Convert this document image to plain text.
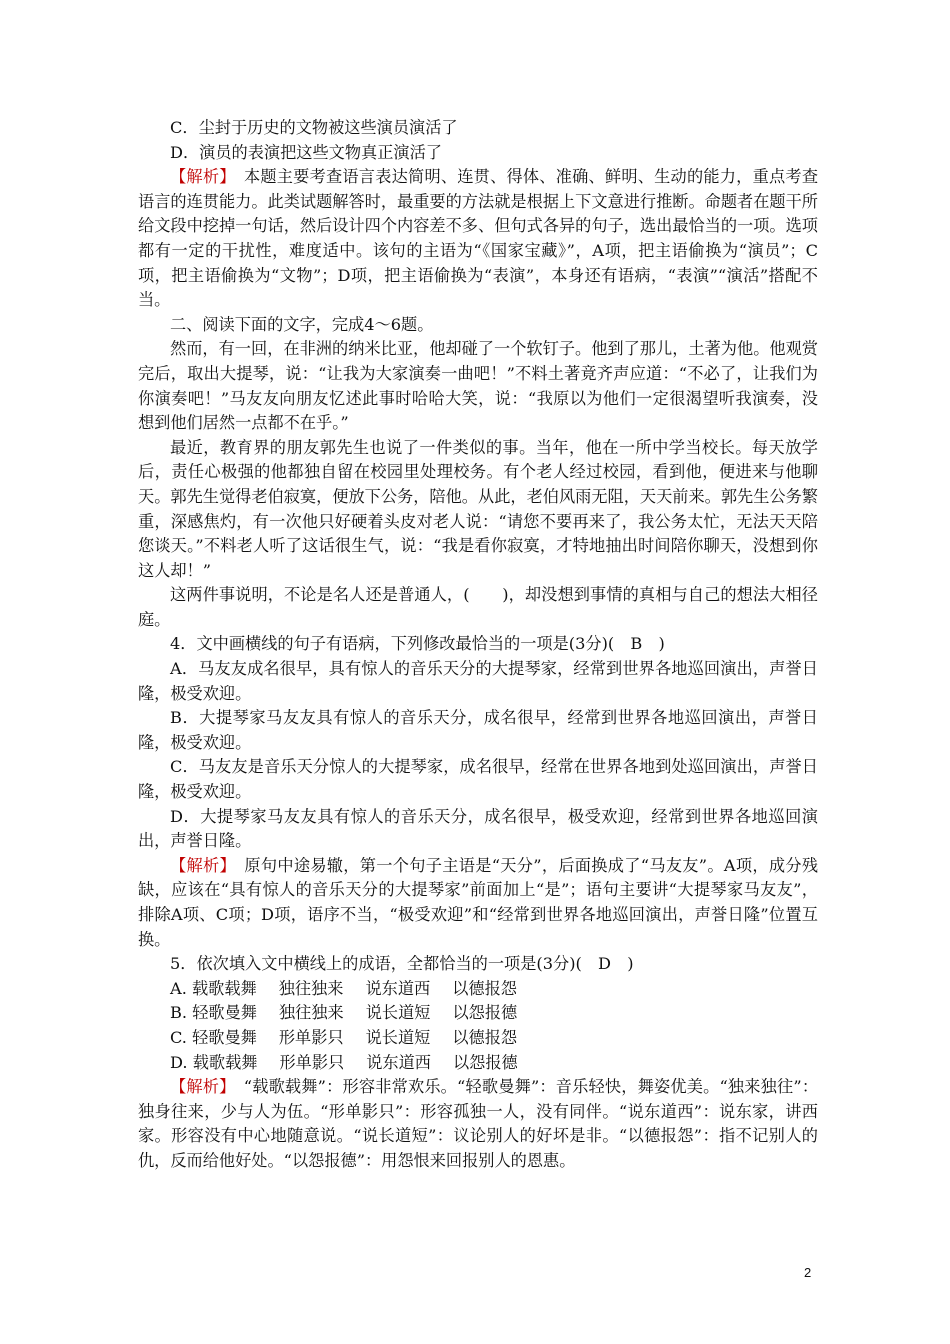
C．尘封于历史的文物被这些演员演活了

D．演员的表演把这些文物真正演活了

【解析】　 本题主要考查语言表达简明、连贯、得体、准确、鲜明、生动的能力，重点考查语言的连贯能力。此类试题解答时，最重要的方法就是根据上下文意进行推断。命题者在题干所给文段中挖掉一句话，然后设计四个内容差不多、但句式各异的句子，选出最恰当的一项。选项都有一定的干扰性，难度适中。该句的主语为“《国家宝藏》”，A项，把主语偷换为“演员”；C项，把主语偷换为“文物”；D项，把主语偷换为“表演”，本身还有语病，“表演”“演活”搭配不当。

二、阅读下面的文字，完成4～6题。

然而，有一回，在非洲的纳米比亚，他却碰了一个软钉子。他到了那儿，土著为他。他观赏完后，取出大提琴，说：“让我为大家演奏一曲吧！”不料土著竟齐声应道：“不必了，让我们为你演奏吧！”马友友向朋友忆述此事时哈哈大笑，说：“我原以为他们一定很渴望听我演奏，没想到他们居然一点都不在乎。”

最近，教育界的朋友郭先生也说了一件类似的事。当年，他在一所中学当校长。每天放学后，责任心极强的他都独自留在校园里处理校务。有个老人经过校园，看到他，便进来与他聊天。郭先生觉得老伯寂寞，便放下公务，陪他。从此，老伯风雨无阻，天天前来。郭先生公务繁重，深感焦灼，有一次他只好硬着头皮对老人说：“请您不要再来了，我公务太忙，无法天天陪您谈天。”不料老人听了这话很生气，说：“我是看你寂寞，才特地抽出时间陪你聊天，没想到你这人却！”

这两件事说明，不论是名人还是普通人，(　　)，却没想到事情的真相与自己的想法大相径庭。

4．文中画横线的句子有语病，下列修改最恰当的一项是(3分)(　B　)

A．马友友成名很早，具有惊人的音乐天分的大提琴家，经常到世界各地巡回演出，声誉日隆，极受欢迎。

B．大提琴家马友友具有惊人的音乐天分，成名很早，经常到世界各地巡回演出，声誉日隆，极受欢迎。

C．马友友是音乐天分惊人的大提琴家，成名很早，经常在世界各地到处巡回演出，声誉日隆，极受欢迎。

D．大提琴家马友友具有惊人的音乐天分，成名很早，极受欢迎，经常到世界各地巡回演出，声誉日隆。

【解析】　 原句中途易辙，第一个句子主语是“天分”，后面换成了“马友友”。A项，成分残缺，应该在“具有惊人的音乐天分的大提琴家”前面加上“是”；语句主要讲“大提琴家马友友”，排除A项、C项；D项，语序不当，“极受欢迎”和“经常到世界各地巡回演出，声誉日隆”位置互换。

5．依次填入文中横线上的成语，全都恰当的一项是(3分)(　D　)

A. 载歌载舞 独往独来 说东道西 以德报怨

B. 轻歌曼舞 独往独来 说长道短 以怨报德

C. 轻歌曼舞 形单影只 说长道短 以德报怨

D. 载歌载舞 形单影只 说东道西 以怨报德

【解析】　 “载歌载舞”：形容非常欢乐。“轻歌曼舞”：音乐轻快，舞姿优美。“独来独往”：独身往来，少与人为伍。“形单影只”：形容孤独一人，没有同伴。“说东道西”：说东家，讲西家。形容没有中心地随意说。“说长道短”：议论别人的好坏是非。“以德报怨”：指不记别人的仇，反而给他好处。“以怨报德”：用怨恨来回报别人的恩惠。

2
